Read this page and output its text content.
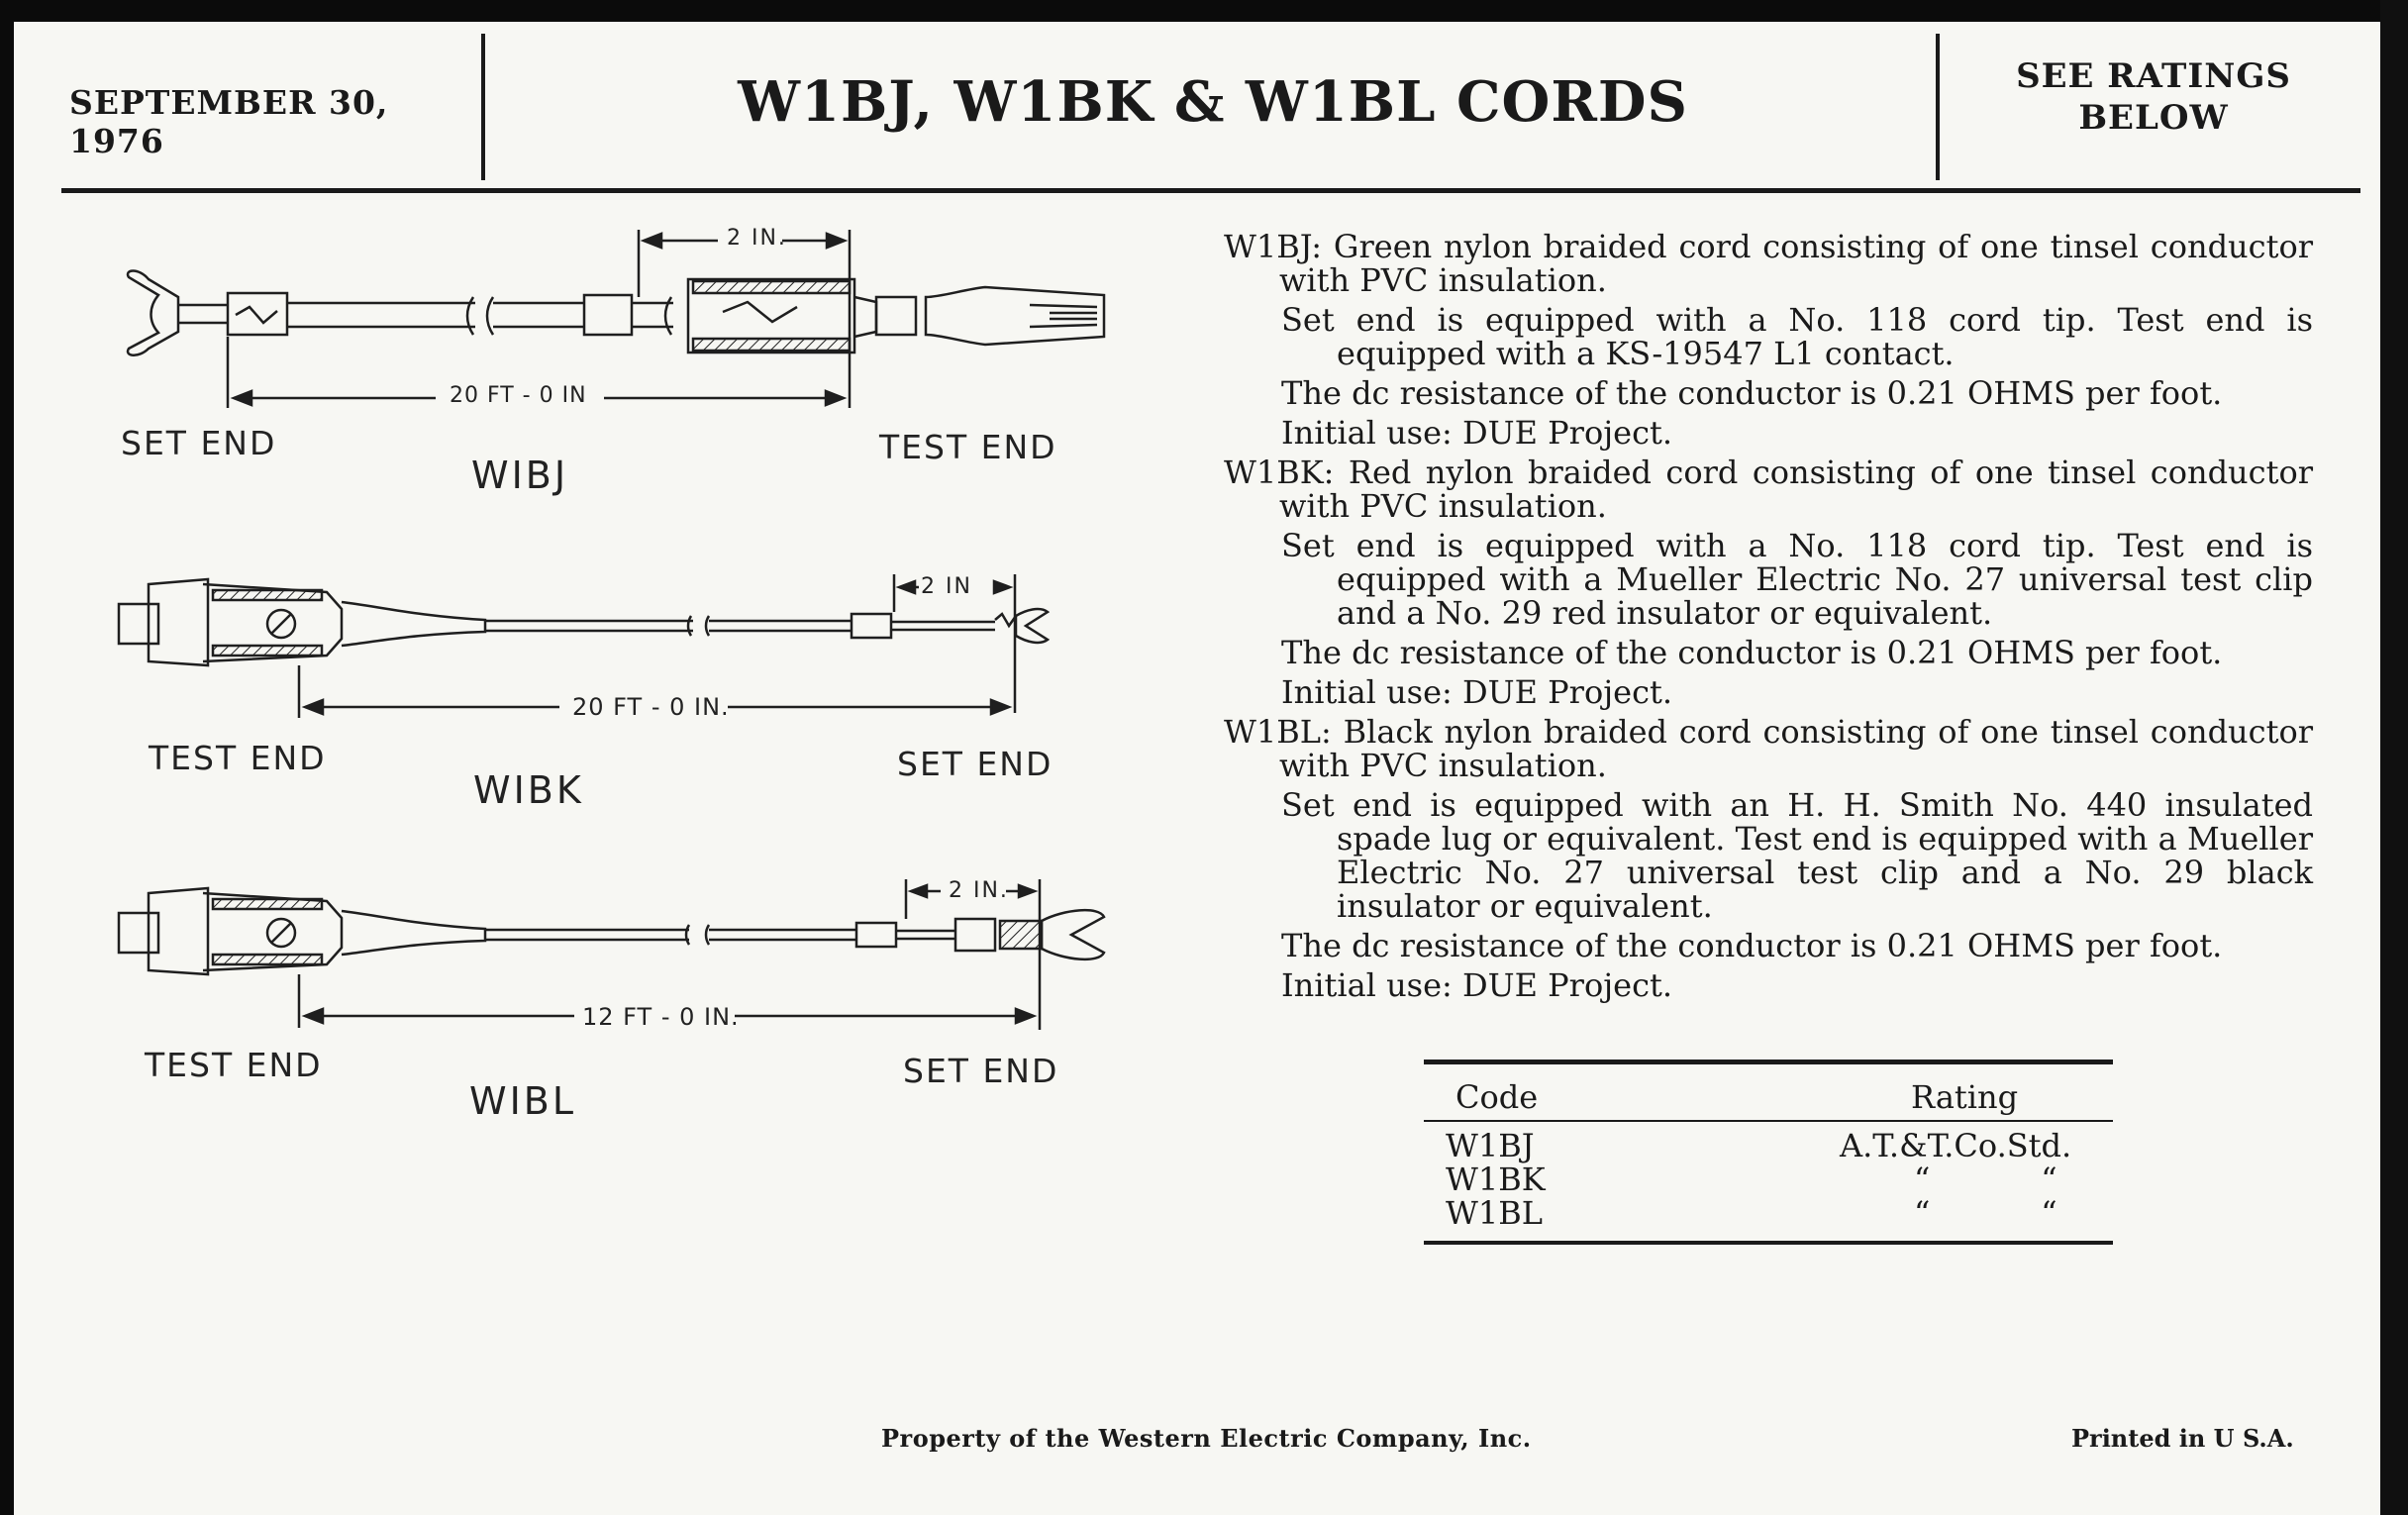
SEPTEMBER 30, 1976
W1BJ, W1BK & W1BL CORDS	SEE RATINGS
BELOW
2 IN.
20 FT - 0 IN
SET END	TEST END
WIBJ
2 IN
20 FT - 0 IN.
TEST END	SET END
WIBK
2 IN.
12 FT - 0 IN.
TEST END	SET END
WIBL

W1BJ: Green nylon braided cord consisting of one tinsel conductor with PVC insulation.

Set end is equipped with a No. 118 cord tip. Test end is equipped with a KS-19547 L1 contact.

The dc resistance of the conductor is 0.21 OHMS per foot.

Initial use: DUE Project.

W1BK: Red nylon braided cord consisting of one tinsel conductor with PVC insulation.

Set end is equipped with a No. 118 cord tip. Test end is equipped with a Mueller Electric No. 27 universal test clip and a No. 29 red insulator or equivalent.

The dc resistance of the conductor is 0.21 OHMS per foot.

Initial use: DUE Project.

W1BL: Black nylon braided cord consisting of one tinsel conductor with PVC insulation.

Set end is equipped with an H. H. Smith No. 440 insulated spade lug or equivalent. Test end is equipped with a Mueller Electric No. 27 universal test clip and a No. 29 black insulator or equivalent.

The dc resistance of the conductor is 0.21 OHMS per foot.

Initial use: DUE Project.

Code	Rating
W1BJ	A.T.&T.Co.Std.
W1BK	“           “
W1BL	“           “
Property of the Western Electric Company, Inc.	Printed in U S.A.
